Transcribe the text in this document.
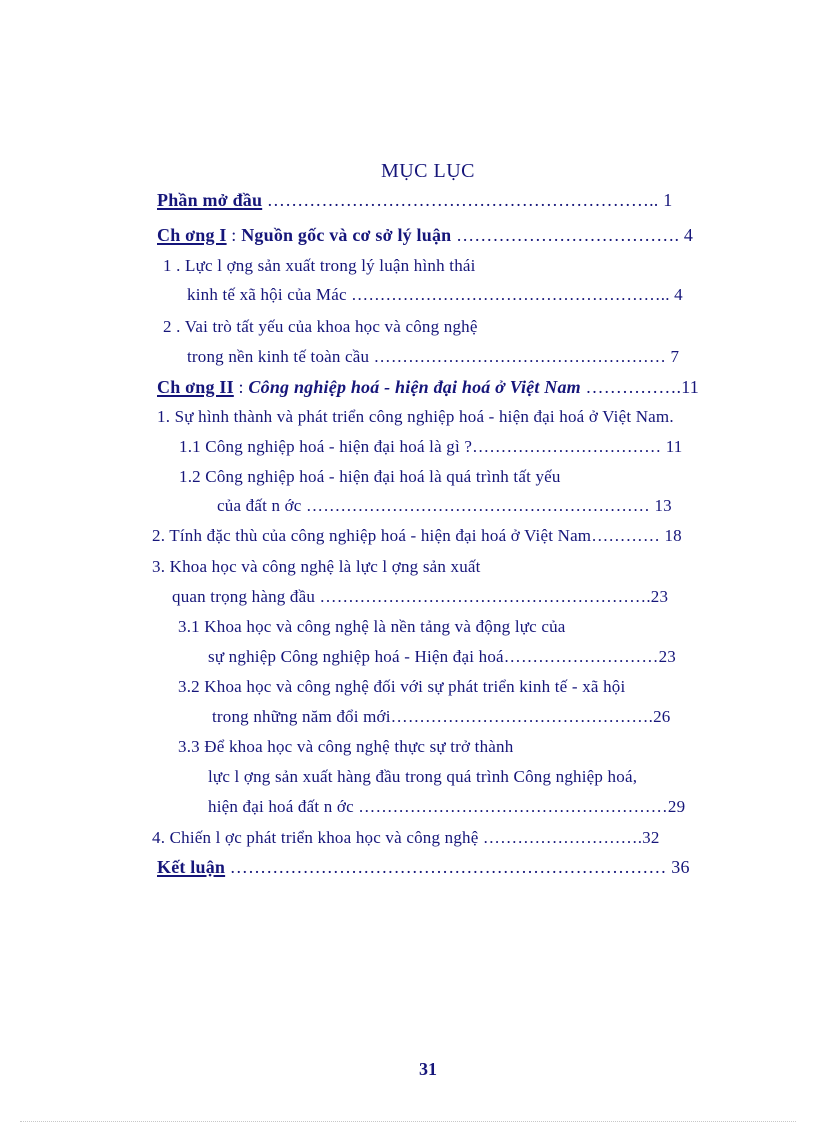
MỤC LỤC
Phần mở đầu ……………………………………………………….. 1
Ch ơng I : Nguồn gốc và cơ sở lý luận ………………………………. 4
1 . Lực l ợng sản xuất trong lý luận hình thái
kinh tế xã hội của Mác ……………………………………………….. 4
2 . Vai trò tất yếu của khoa học và công nghệ
trong nền kinh tế toàn cầu …………………………………………… 7
Ch ơng II : Công nghiệp hoá - hiện đại hoá ở Việt Nam …………….11
1. Sự hình thành và phát triển công nghiệp hoá - hiện đại hoá ở Việt Nam.
1.1 Công nghiệp hoá - hiện đại hoá là gì ?…………………………… 11
1.2 Công nghiệp hoá - hiện đại hoá là quá trình tất yếu
của đất n ớc …………………………………………………… 13
2. Tính đặc thù của công nghiệp hoá - hiện đại hoá ở Việt Nam………… 18
3. Khoa học và công nghệ là lực l ợng sản xuất
quan trọng hàng đầu ………………………………………………….23
3.1 Khoa học và công nghệ là nền tảng và động lực của
sự nghiệp Công nghiệp hoá - Hiện đại hoá………………………23
3.2 Khoa học và công nghệ đối với sự phát triển kinh tế - xã hội
trong những năm đổi mới……………………………………….26
3.3 Để khoa học và công nghệ thực sự trở thành
lực l ợng sản xuất hàng đầu trong quá trình Công nghiệp hoá,
hiện đại hoá đất n ớc ………………………………………………29
4. Chiến l ợc phát triển khoa học và công nghệ ……………………….32
Kết luận ……………………………………………………………… 36
31
